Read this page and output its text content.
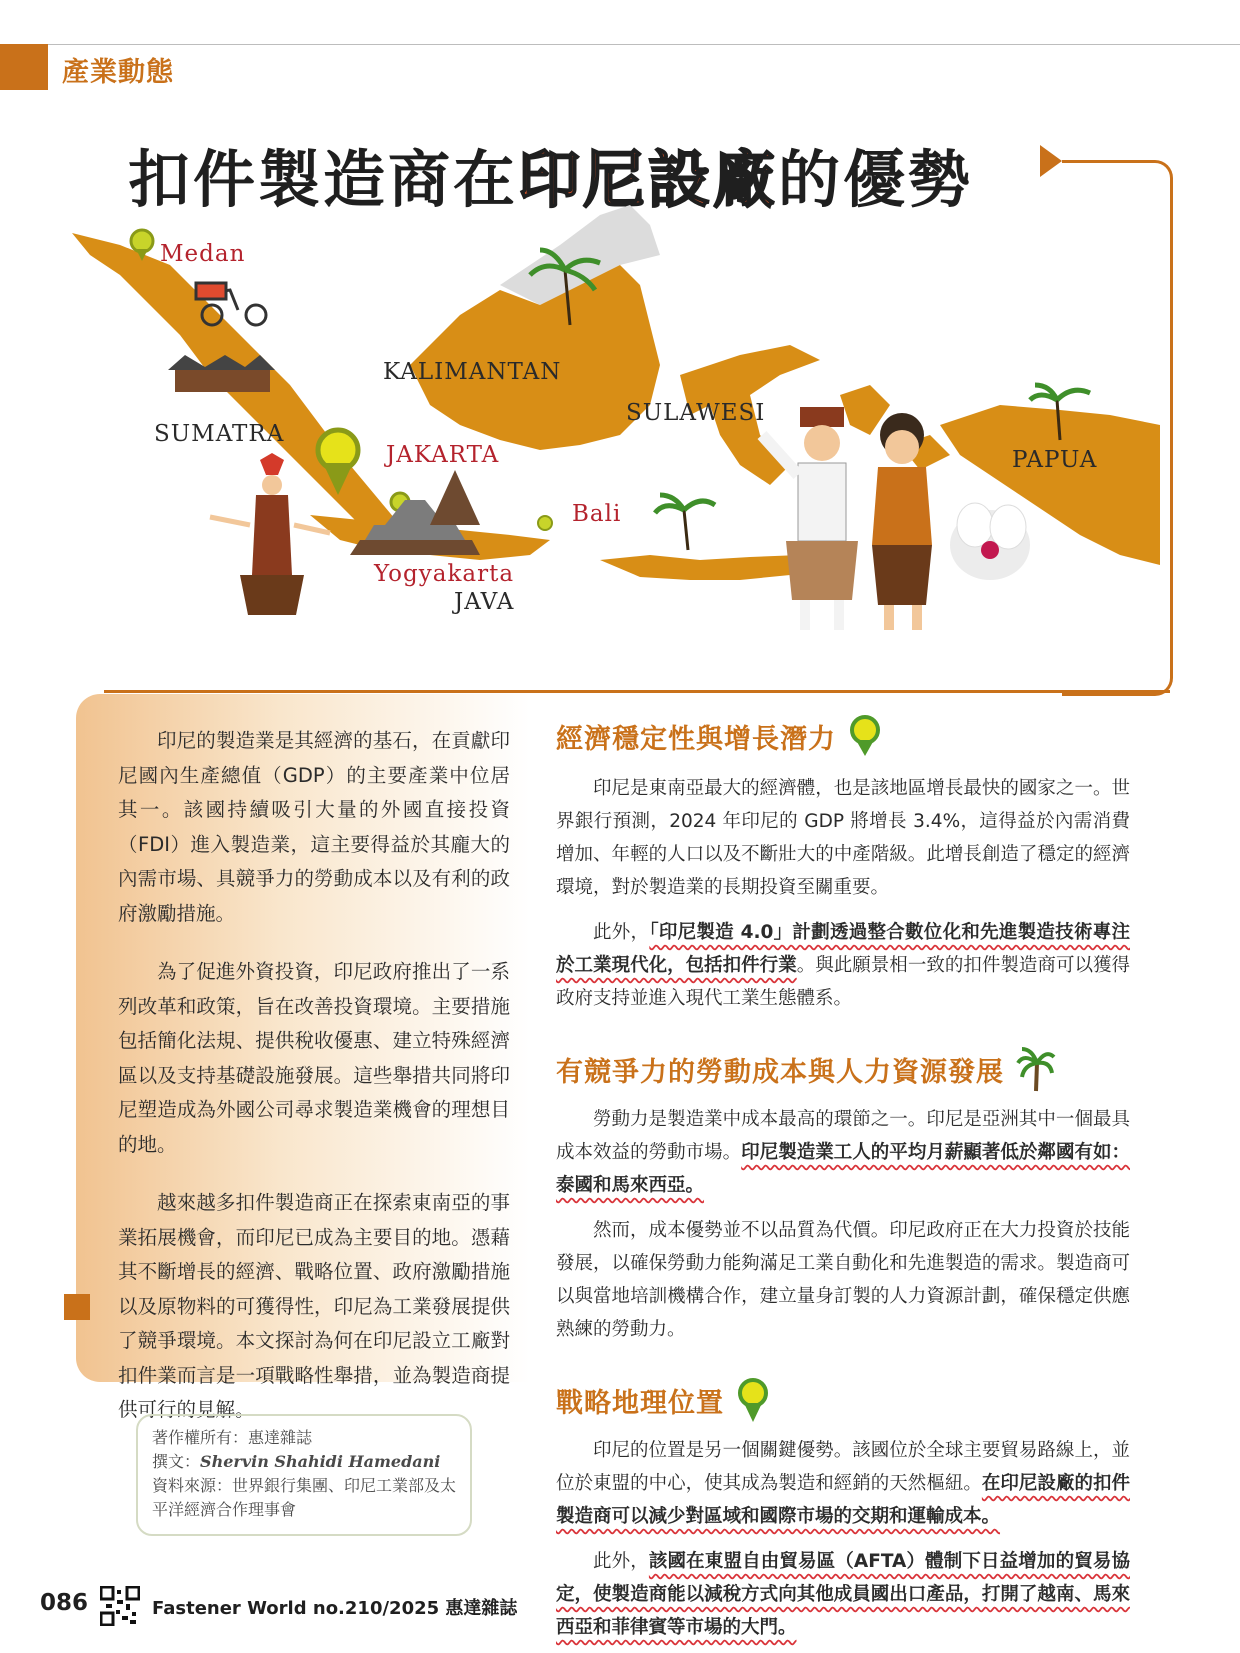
產業動態
扣件製造商在印尼設廠的優勢
Medan
KALIMANTAN
SUMATRA
JAKARTA
SULAWESI
PAPUA
Bali
Yogyakarta
JAVA

印尼的製造業是其經濟的基石，在貢獻印尼國內生產總值（GDP）的主要產業中位居其一。該國持續吸引大量的外國直接投資（FDI）進入製造業，這主要得益於其龐大的內需市場、具競爭力的勞動成本以及有利的政府激勵措施。

為了促進外資投資，印尼政府推出了一系列改革和政策，旨在改善投資環境。主要措施包括簡化法規、提供稅收優惠、建立特殊經濟區以及支持基礎設施發展。這些舉措共同將印尼塑造成為外國公司尋求製造業機會的理想目的地。

越來越多扣件製造商正在探索東南亞的事業拓展機會，而印尼已成為主要目的地。憑藉其不斷增長的經濟、戰略位置、政府激勵措施以及原物料的可獲得性，印尼為工業發展提供了競爭環境。本文探討為何在印尼設立工廠對扣件業而言是一項戰略性舉措，並為製造商提供可行的見解。

著作權所有：惠達雜誌
撰文：Shervin Shahidi Hamedani
資料來源：世界銀行集團、印尼工業部及太平洋經濟合作理事會
086	Fastener World no.210/2025 惠達雜誌
經濟穩定性與增長潛力

印尼是東南亞最大的經濟體，也是該地區增長最快的國家之一。世界銀行預測，2024 年印尼的 GDP 將增長 3.4%，這得益於內需消費增加、年輕的人口以及不斷壯大的中產階級。此增長創造了穩定的經濟環境，對於製造業的長期投資至關重要。

此外，「印尼製造 4.0」計劃透過整合數位化和先進製造技術專注於工業現代化，包括扣件行業。與此願景相一致的扣件製造商可以獲得政府支持並進入現代工業生態體系。

有競爭力的勞動成本與人力資源發展

勞動力是製造業中成本最高的環節之一。印尼是亞洲其中一個最具成本效益的勞動市場。印尼製造業工人的平均月薪顯著低於鄰國有如：泰國和馬來西亞。

然而，成本優勢並不以品質為代價。印尼政府正在大力投資於技能發展，以確保勞動力能夠滿足工業自動化和先進製造的需求。製造商可以與當地培訓機構合作，建立量身訂製的人力資源計劃，確保穩定供應熟練的勞動力。

戰略地理位置

印尼的位置是另一個關鍵優勢。該國位於全球主要貿易路線上，並位於東盟的中心，使其成為製造和經銷的天然樞紐。在印尼設廠的扣件製造商可以減少對區域和國際市場的交期和運輸成本。

此外，該國在東盟自由貿易區（AFTA）體制下日益增加的貿易協定，使製造商能以減稅方式向其他成員國出口產品，打開了越南、馬來西亞和菲律賓等市場的大門。
